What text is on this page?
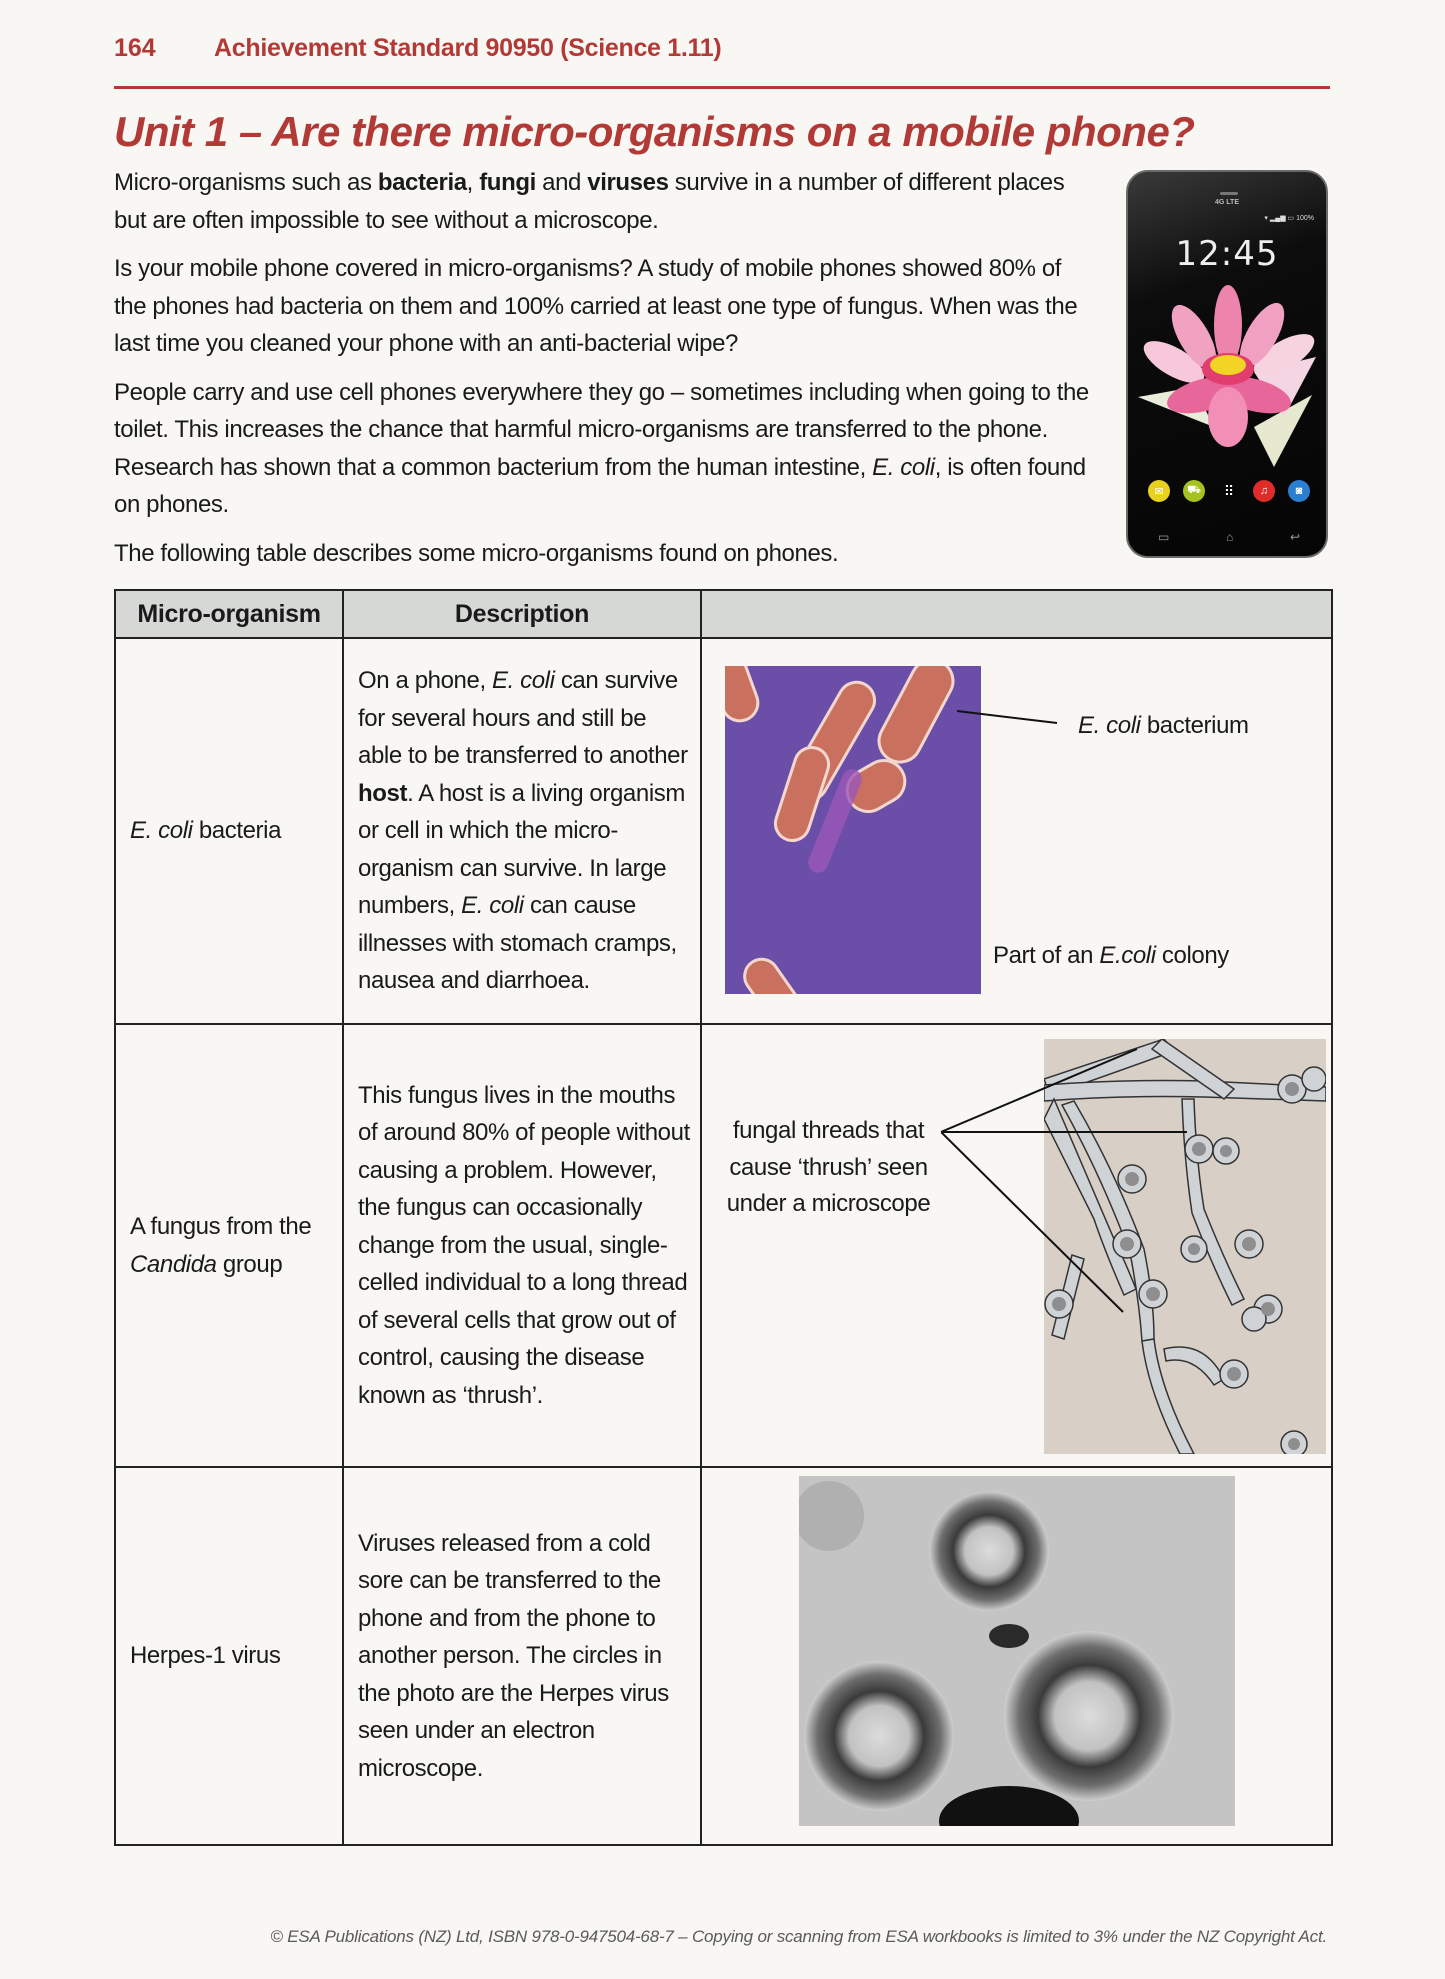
164 Achievement Standard 90950 (Science 1.11)
Unit 1 – Are there micro-organisms on a mobile phone?

Micro-organisms such as bacteria, fungi and viruses survive in a number of different places but are often impossible to see without a microscope.

Is your mobile phone covered in micro-organisms? A study of mobile phones showed 80% of the phones had bacteria on them and 100% carried at least one type of fungus. When was the last time you cleaned your phone with an anti-bacterial wipe?

People carry and use cell phones everywhere they go – sometimes including when going to the toilet. This increases the chance that harmful micro-organisms are transferred to the phone. Research has shown that a common bacterium from the human intestine, E. coli, is often found on phones.

The following table describes some micro-organisms found on phones.

4G LTE
▾ ▂▄▆ ▭ 100%
12:45
✉	⛟	⠿	♫	◙
▭	⌂	↩
Micro-organism	Description	
E. coli bacteria	On a phone, E. coli can survive for several hours and still be able to be transferred to another host. A host is a living organism or cell in which the micro-organism can survive. In large numbers, E. coli can cause illnesses with stomach cramps, nausea and diarrhoea.	E. coli bacterium
Part of an E.coli colony

A fungus from the
Candida group	This fungus lives in the mouths of around 80% of people without causing a problem. However, the fungus can occasionally change from the usual, single-celled individual to a long thread of several cells that grow out of control, causing the disease known as ‘thrush’.	
fungal threads that
cause ‘thrush’ seen
under a microscope

Herpes-1 virus	Viruses released from a cold sore can be transferred to the phone and from the phone to another person. The circles in the photo are the Herpes virus seen under an electron microscope.	
© ESA Publications (NZ) Ltd, ISBN 978-0-947504-68-7 – Copying or scanning from ESA workbooks is limited to 3% under the NZ Copyright Act.
